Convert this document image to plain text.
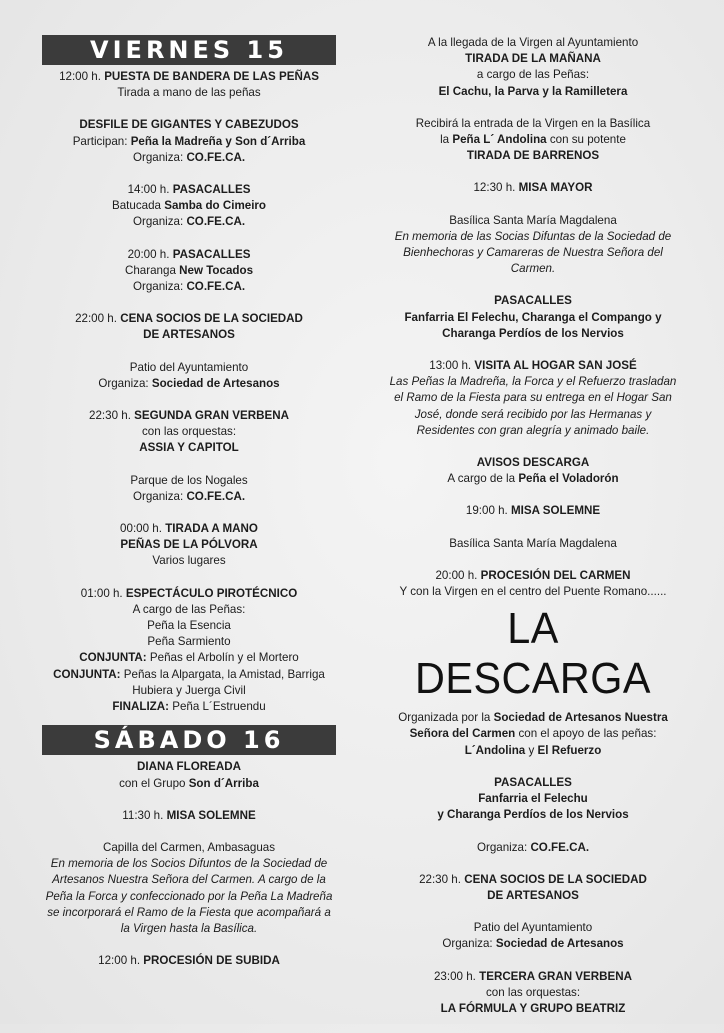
VIERNES 15
12:00 h. PUESTA DE BANDERA DE LAS PEÑAS
Tirada a mano de las peñas
DESFILE DE GIGANTES Y CABEZUDOS
Participan: Peña la Madreña y Son d´Arriba
Organiza: CO.FE.CA.
14:00 h. PASACALLES
Batucada Samba do Cimeiro
Organiza: CO.FE.CA.
20:00 h. PASACALLES
Charanga New Tocados
Organiza: CO.FE.CA.
22:00 h. CENA SOCIOS DE LA SOCIEDAD
DE ARTESANOS
Patio del Ayuntamiento
Organiza: Sociedad de Artesanos
22:30 h. SEGUNDA GRAN VERBENA
con las orquestas:
ASSIA Y CAPITOL
Parque de los Nogales
Organiza: CO.FE.CA.
00:00 h. TIRADA A MANO
PEÑAS DE LA PÓLVORA
Varios lugares
01:00 h. ESPECTÁCULO PIROTÉCNICO
A cargo de las Peñas:
Peña la Esencia
Peña Sarmiento
CONJUNTA: Peñas el Arbolín y el Mortero
CONJUNTA: Peñas la Alpargata, la Amistad, Barriga
Hubiera y Juerga Civil
FINALIZA: Peña L´Estruendu
SÁBADO 16
DIANA FLOREADA
con el Grupo Son d´Arriba
11:30 h. MISA SOLEMNE
Capilla del Carmen, Ambasaguas
En memoria de los Socios Difuntos de la Sociedad de
Artesanos Nuestra Señora del Carmen. A cargo de la
Peña la Forca y confeccionado por la Peña La Madreña
se incorporará el Ramo de la Fiesta que acompañará a
la Virgen hasta la Basílica.
12:00 h. PROCESIÓN DE SUBIDA
A la llegada de la Virgen al Ayuntamiento
TIRADA DE LA MAÑANA
a cargo de las Peñas:
El Cachu, la Parva y la Ramilletera
Recibirá la entrada de la Virgen en la Basílica
la Peña L´ Andolina con su potente
TIRADA DE BARRENOS
12:30 h. MISA MAYOR
Basílica Santa María Magdalena
En memoria de las Socias Difuntas de la Sociedad de
Bienhechoras y Camareras de Nuestra Señora del
Carmen.
PASACALLES
Fanfarria El Felechu, Charanga el Compango y
Charanga Perdíos de los Nervios
13:00 h. VISITA AL HOGAR SAN JOSÉ
Las Peñas la Madreña, la Forca y el Refuerzo trasladan
el Ramo de la Fiesta para su entrega en el Hogar San
José, donde será recibido por las Hermanas y
Residentes con gran alegría y animado baile.
AVISOS DESCARGA
A cargo de la Peña el Voladorón
19:00 h. MISA SOLEMNE
Basílica Santa María Magdalena
20:00 h. PROCESIÓN DEL CARMEN
Y con la Virgen en el centro del Puente Romano......
LA DESCARGA
Organizada por la Sociedad de Artesanos Nuestra
Señora del Carmen con el apoyo de las peñas:
L´Andolina y El Refuerzo
PASACALLES
Fanfarria el Felechu
y Charanga Perdíos de los Nervios
Organiza: CO.FE.CA.
22:30 h. CENA SOCIOS DE LA SOCIEDAD
DE ARTESANOS
Patio del Ayuntamiento
Organiza: Sociedad de Artesanos
23:00 h. TERCERA GRAN VERBENA
con las orquestas:
LA FÓRMULA Y GRUPO BEATRIZ
